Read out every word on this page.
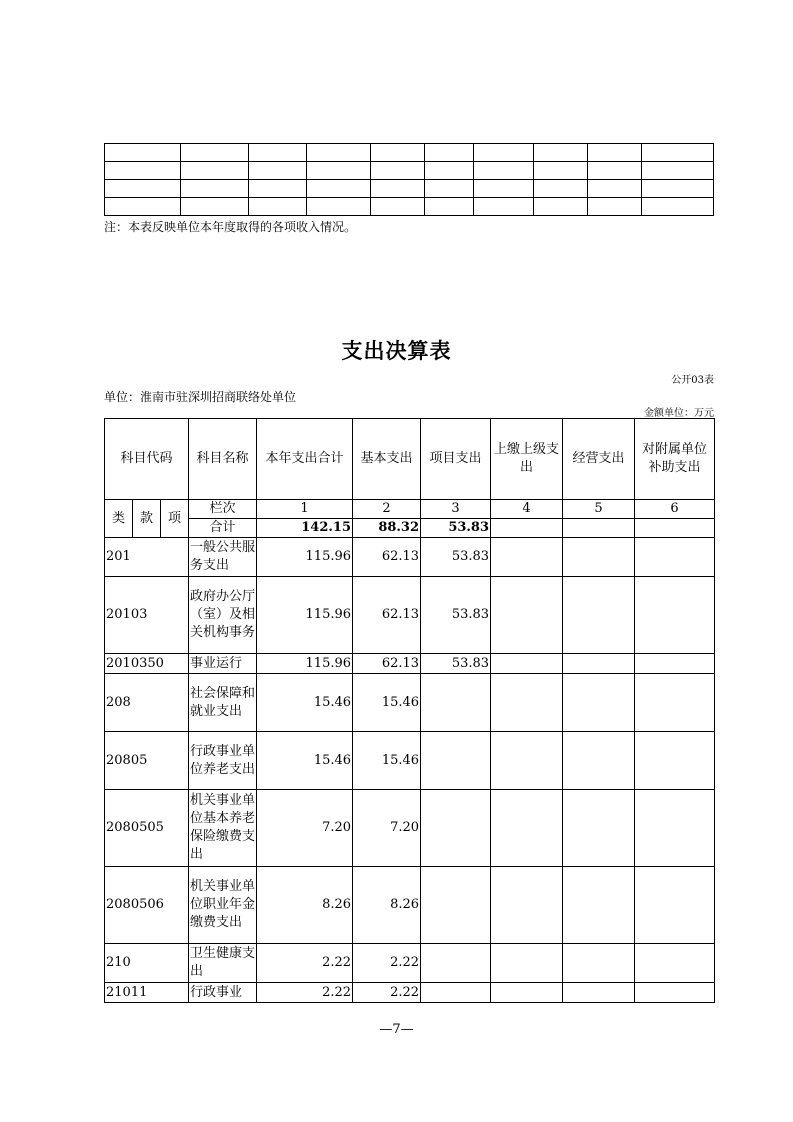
注：本表反映单位本年度取得的各项收入情况。
支出决算表
公开03表
单位：淮南市驻深圳招商联络处单位
金额单位：万元
科目代码			科目名称	本年支出合计	基本支出	项目支出	上缴上级支出	经营支出	对附属单位补助支出
类	款	项	栏次	1	2	3	4	5	6
			合计	142.15	88.32	53.83			
201			一般公共服务支出	115.96	62.13	53.83			
20103			政府办公厅（室）及相关机构事务	115.96	62.13	53.83			
2010350			事业运行	115.96	62.13	53.83			
208			社会保障和就业支出	15.46	15.46				
20805			行政事业单位养老支出	15.46	15.46				
2080505			机关事业单位基本养老保险缴费支出	7.20	7.20				
2080506			机关事业单位职业年金缴费支出	8.26	8.26				
210			卫生健康支出	2.22	2.22				
21011			行政事业	2.22	2.22				
—7—
